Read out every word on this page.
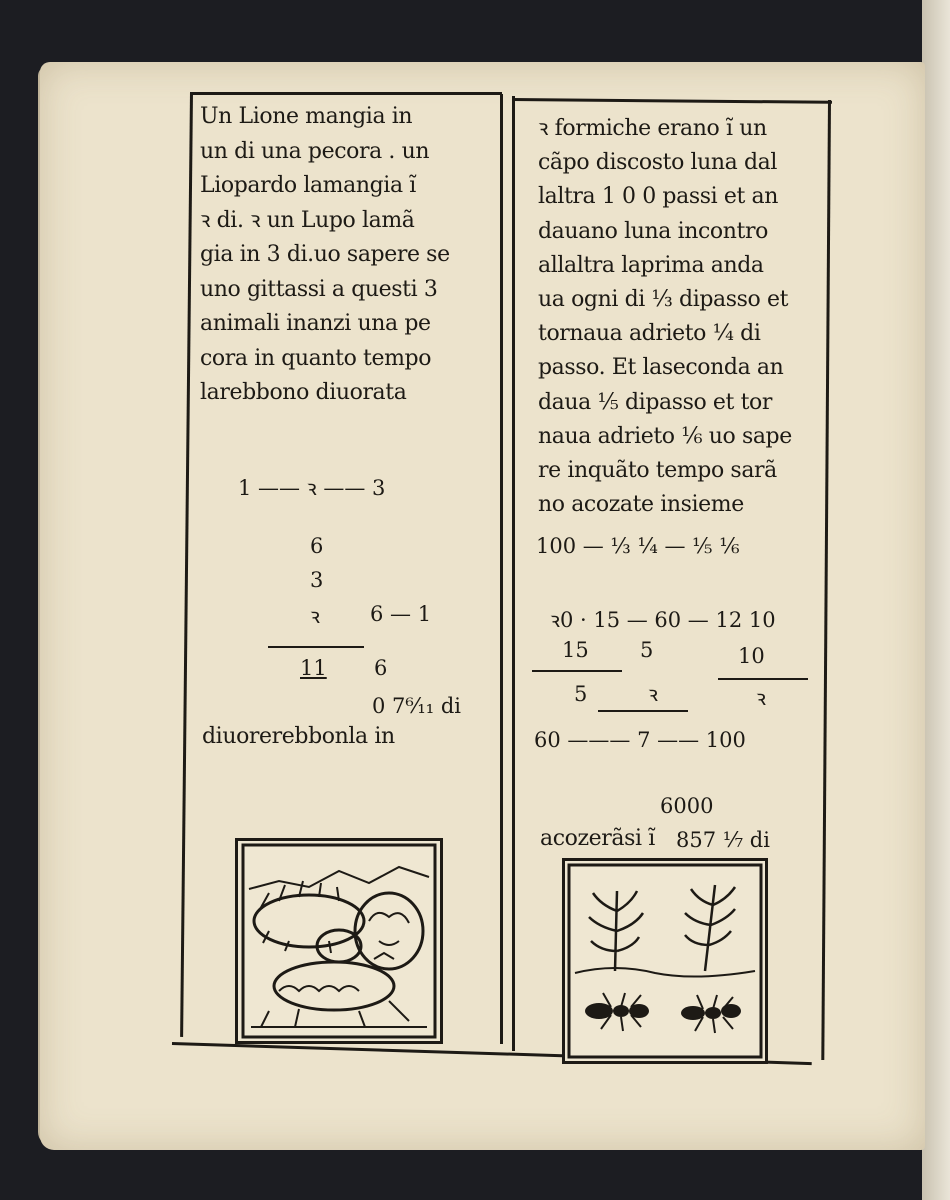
Un Lione mangia in
un di una pecora . un
Liopardo lamangia ĩ
ꝛ di. ꝛ un Lupo lamã
gia in 3 di.uo sapere se
uno gittassi a questi 3
animali inanzi una pe
cora in quanto tempo
larebbono diuorata
1 —— ꝛ —— 3
6
3
ꝛ 6 — 1
11 6
0 7⁶⁄₁₁ di
diuorerebbonla in
ꝛ formiche erano ĩ un
cãpo discosto luna dal
laltra 1 0 0 passi et an
dauano luna incontro
allaltra laprima anda
ua ogni di ⅓ dipasso et
tornaua adrieto ¼ di
passo. Et laseconda an
daua ⅕ dipasso et tor
naua adrieto ⅙ uo sape
re inquãto tempo sarã
no acozate insieme
100 — ⅓ ¼ — ⅕ ⅙
ꝛ0 · 15 — 60 — 12 10
15 5	10
5	ꝛ	ꝛ
60 ——— 7 —— 100
6000
acozerãsi ĩ 857 ⅐ di
